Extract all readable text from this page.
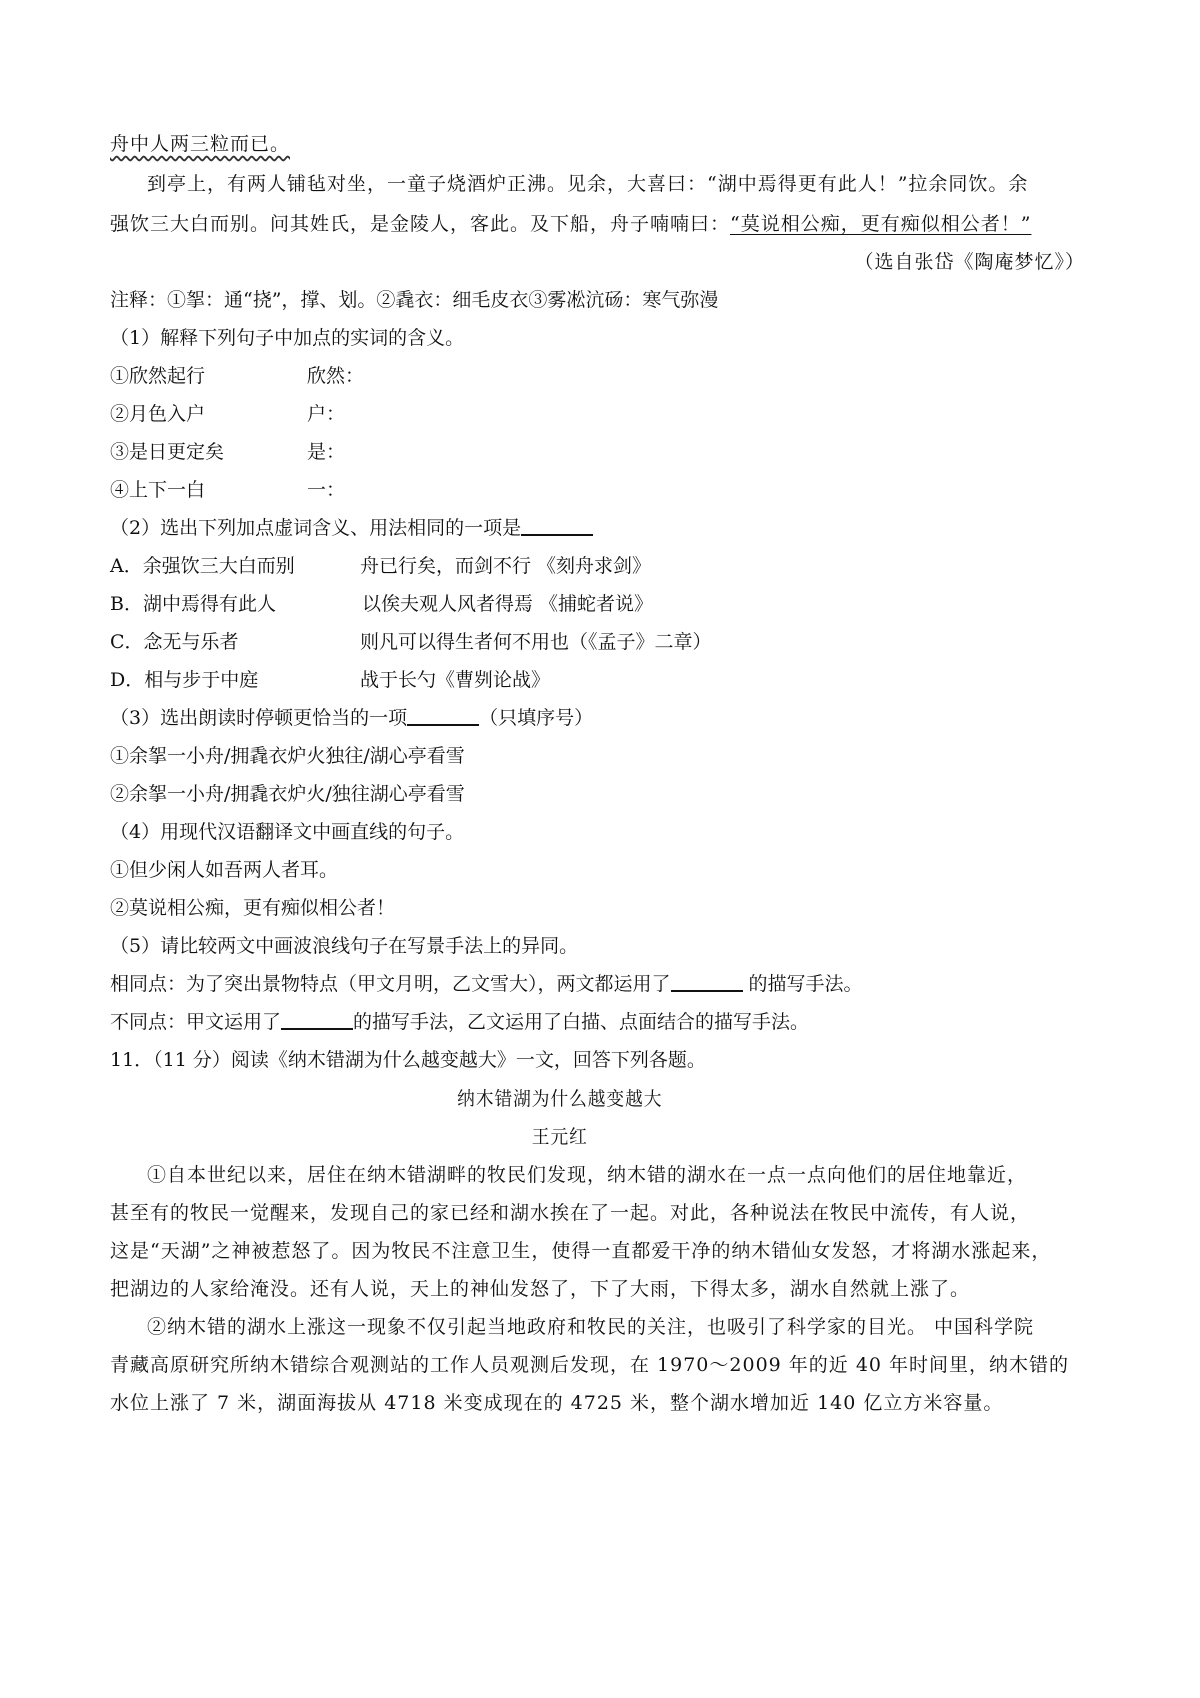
舟中人两三粒而已。
到亭上，有两人铺毡对坐，一童子烧酒炉正沸。见余，大喜曰：“湖中焉得更有此人！”拉余同饮。余
强饮三大白而别。问其姓氏，是金陵人，客此。及下船，舟子喃喃曰：“莫说相公痴，更有痴似相公者！”
（选自张岱《陶庵梦忆》）
注释：①挐：通“挠”，撑、划。②毳衣：细毛皮衣③雾凇沆砀：寒气弥漫
（1）解释下列句子中加点的实词的含义。
①欣然起行	欣然：
②月色入户	户：
③是日更定矣	是：
④上下一白	一：
（2）选出下列加点虚词含义、用法相同的一项是
A．余强饮三大白而别	舟已行矣，而剑不行 《刻舟求剑》
B．湖中焉得有此人	以俟夫观人风者得焉 《捕蛇者说》
C．念无与乐者	则凡可以得生者何不用也（《孟子》二章）
D．相与步于中庭	战于长勺《曹刿论战》
（3）选出朗读时停顿更恰当的一项	（只填序号）
①余挐一小舟/拥毳衣炉火独往/湖心亭看雪
②余挐一小舟/拥毳衣炉火/独往湖心亭看雪
（4）用现代汉语翻译文中画直线的句子。
①但少闲人如吾两人者耳。
②莫说相公痴，更有痴似相公者！
（5）请比较两文中画波浪线句子在写景手法上的异同。
相同点：为了突出景物特点（甲文月明，乙文雪大），两文都运用了	的描写手法。
不同点：甲文运用了	的描写手法，乙文运用了白描、点面结合的描写手法。
11．（11 分）阅读《纳木错湖为什么越变越大》一文，回答下列各题。
纳木错湖为什么越变越大
王元红
①自本世纪以来，居住在纳木错湖畔的牧民们发现，纳木错的湖水在一点一点向他们的居住地靠近，
甚至有的牧民一觉醒来，发现自己的家已经和湖水挨在了一起。对此，各种说法在牧民中流传，有人说，
这是“天湖”之神被惹怒了。因为牧民不注意卫生，使得一直都爱干净的纳木错仙女发怒，才将湖水涨起来，
把湖边的人家给淹没。还有人说，天上的神仙发怒了，下了大雨，下得太多，湖水自然就上涨了。
②纳木错的湖水上涨这一现象不仅引起当地政府和牧民的关注，也吸引了科学家的目光。 中国科学院
青藏高原研究所纳木错综合观测站的工作人员观测后发现，在 1970～2009 年的近 40 年时间里，纳木错的
水位上涨了 7 米，湖面海拔从 4718 米变成现在的 4725 米，整个湖水增加近 140 亿立方米容量。
